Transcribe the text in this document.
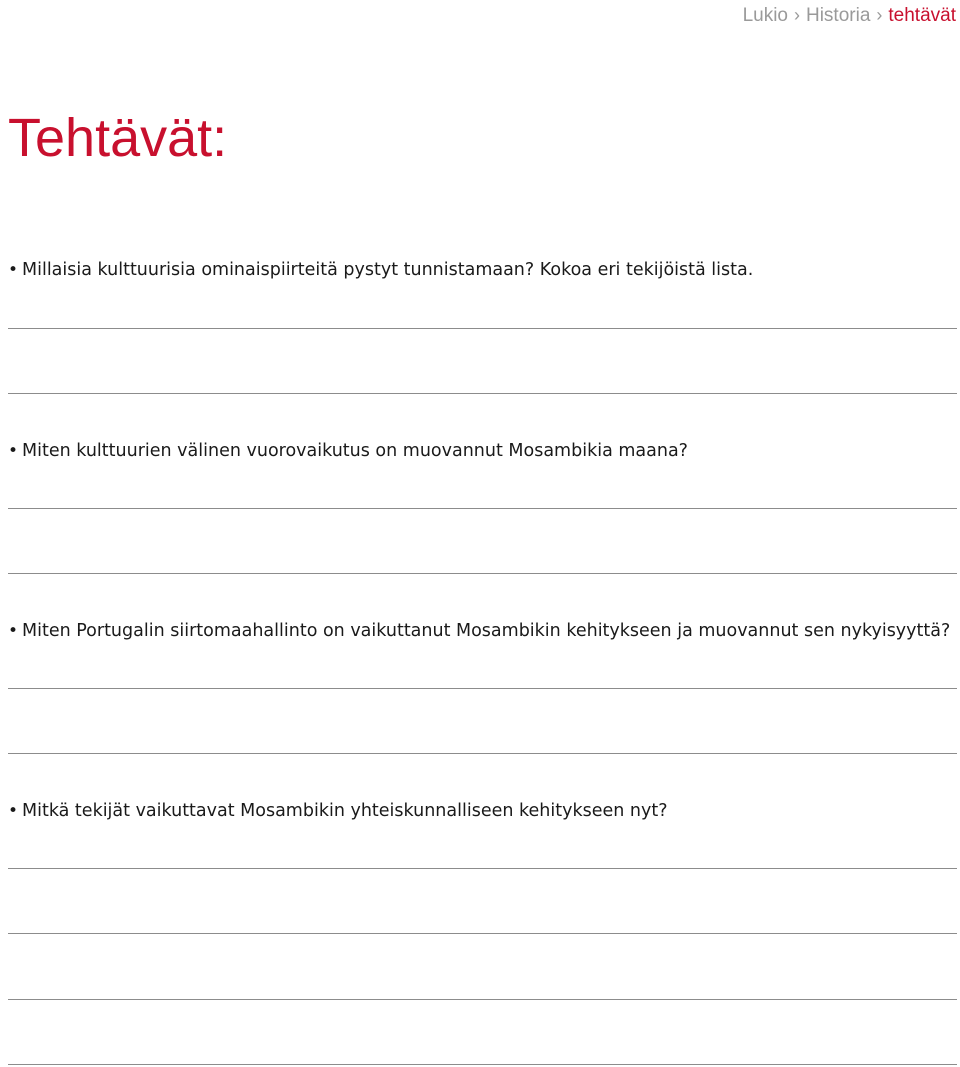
Lukio › Historia › tehtävät
Tehtävät:

• Millaisia kulttuurisia ominaispiirteitä pystyt tunnistamaan? Kokoa eri tekijöistä lista.

• Miten kulttuurien välinen vuorovaikutus on muovannut Mosambikia maana?

• Miten Portugalin siirtomaahallinto on vaikuttanut Mosambikin kehitykseen ja muovannut sen nykyisyyttä?

• Mitkä tekijät vaikuttavat Mosambikin yhteiskunnalliseen kehitykseen nyt?
